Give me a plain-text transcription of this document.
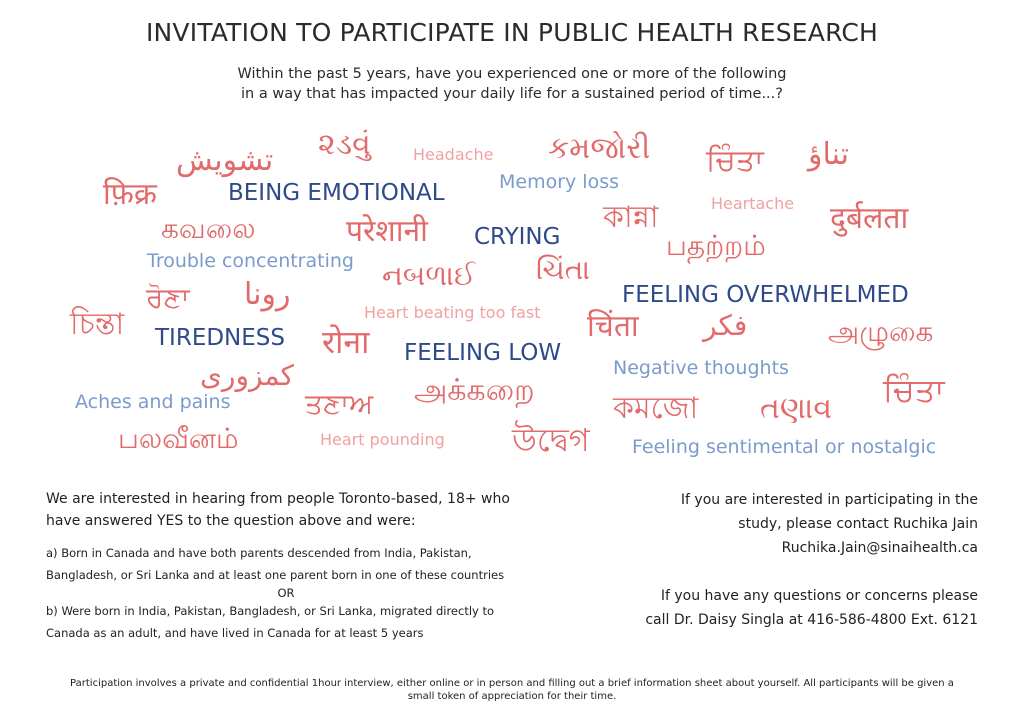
INVITATION TO PARTICIPATE IN PUBLIC HEALTH RESEARCH
Within the past 5 years, have you experienced one or more of the following
in a way that has impacted your daily life for a sustained period of time...?
تشویش ૨ડવું	Headache કમજોરી ਚਿੰਤਾ تناؤ
फ़िक्र	BEING EMOTIONAL	Memory loss
Heartache
কান্না	दुर्बलता
கவலை	परेशानी CRYING	பதற்றம்
Trouble concentrating નબળાઈ ચિંતા
ਰੋਣਾ رونا	FEELING OVERWHELMED
Heart beating too fast
চিন্তা TIREDNESS रोना FEELING LOW
चिंता فکر	அழுகை
کمزوری	Negative thoughts
ਚਿੰਤਾ
Aches and pains	ਤਣਾਅ அக்கறை
কমজো તણાવ
பலவீனம்	Heart pounding উদ্বেগ Feeling sentimental or nostalgic
We are interested in hearing from people Toronto-based, 18+ who
have answered YES to the question above and were:
a) Born in Canada and have both parents descended from India, Pakistan,
Bangladesh, or Sri Lanka and at least one parent born in one of these countries
OR
b) Were born in India, Pakistan, Bangladesh, or Sri Lanka, migrated directly to
Canada as an adult, and have lived in Canada for at least 5 years
If you are interested in participating in the
study, please contact Ruchika Jain
Ruchika.Jain@sinaihealth.ca
If you have any questions or concerns please
call Dr. Daisy Singla at 416-586-4800 Ext. 6121
Participation involves a private and confidential 1hour interview, either online or in person and filling out a brief information sheet about yourself. All participants will be given a
small token of appreciation for their time.
